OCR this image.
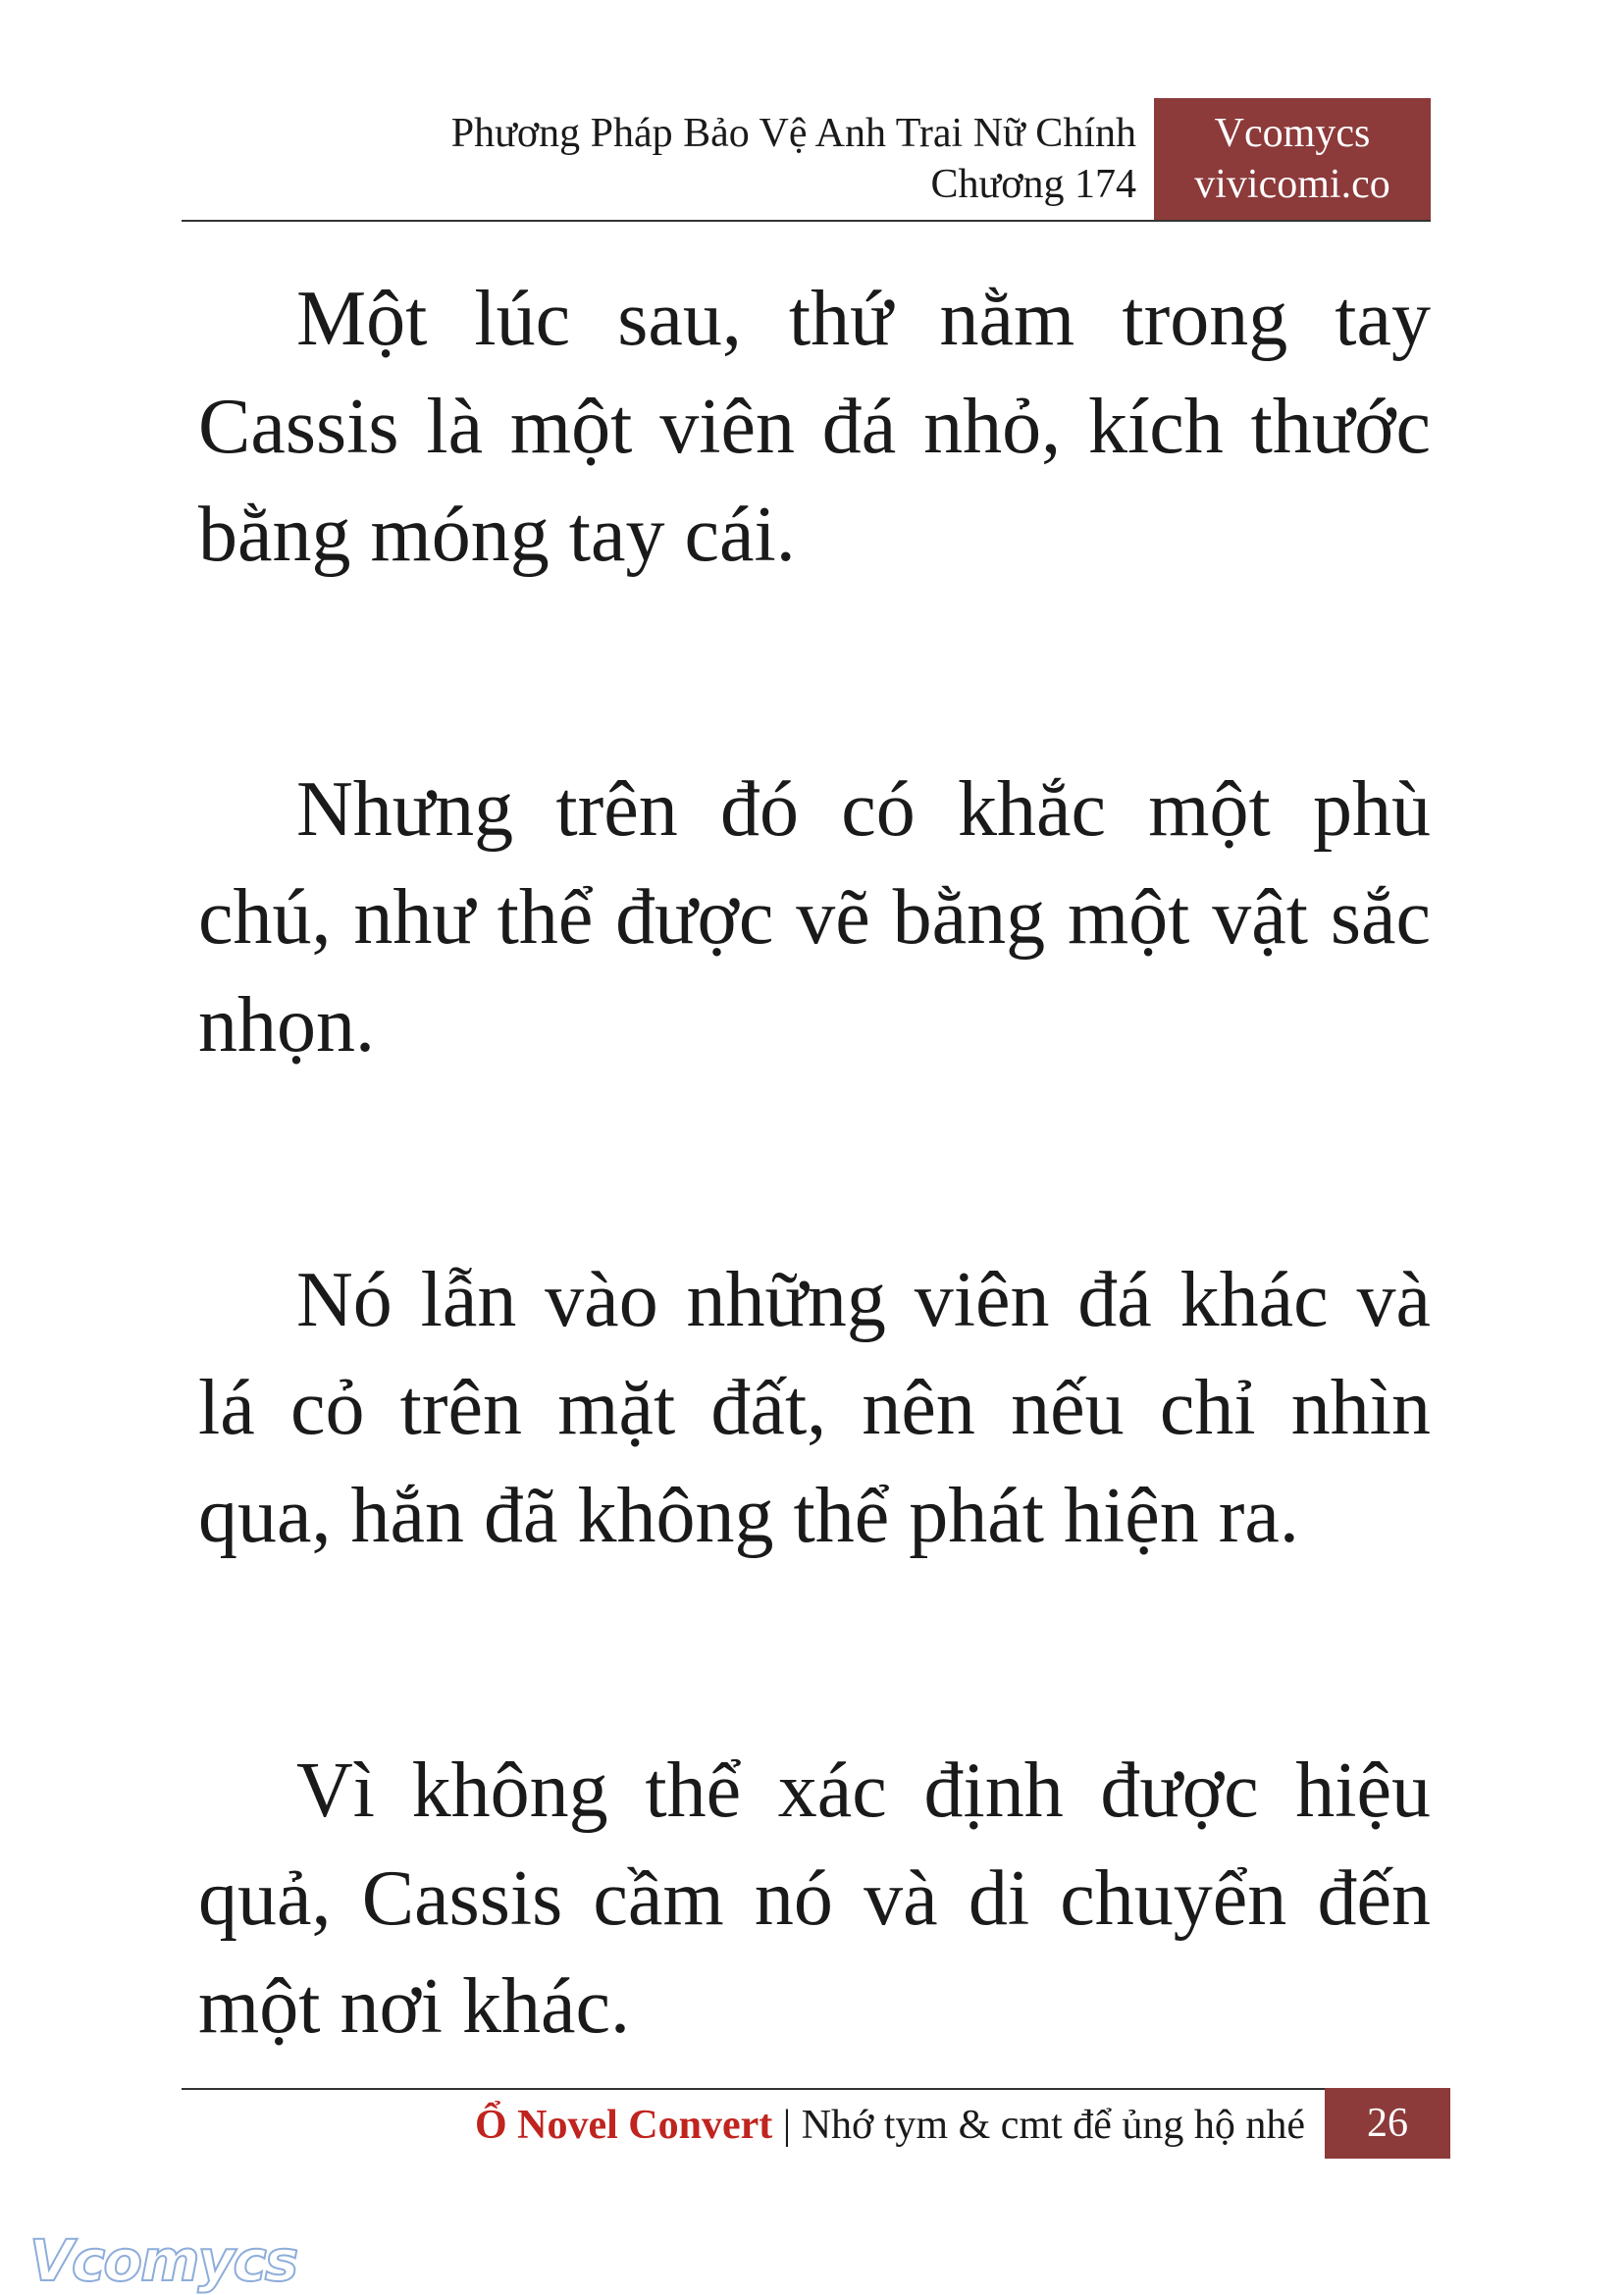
Phương Pháp Bảo Vệ Anh Trai Nữ Chính
Chương 174
Vcomycs
vivicomi.co

Một lúc sau, thứ nằm trong tay Cassis là một viên đá nhỏ, kích thước bằng móng tay cái.

Nhưng trên đó có khắc một phù chú, như thể được vẽ bằng một vật sắc nhọn.

Nó lẫn vào những viên đá khác và lá cỏ trên mặt đất, nên nếu chỉ nhìn qua, hắn đã không thể phát hiện ra.

Vì không thể xác định được hiệu quả, Cassis cầm nó và di chuyển đến một nơi khác.

Ổ Novel Convert | Nhớ tym & cmt để ủng hộ nhé	26
Vcomycs
